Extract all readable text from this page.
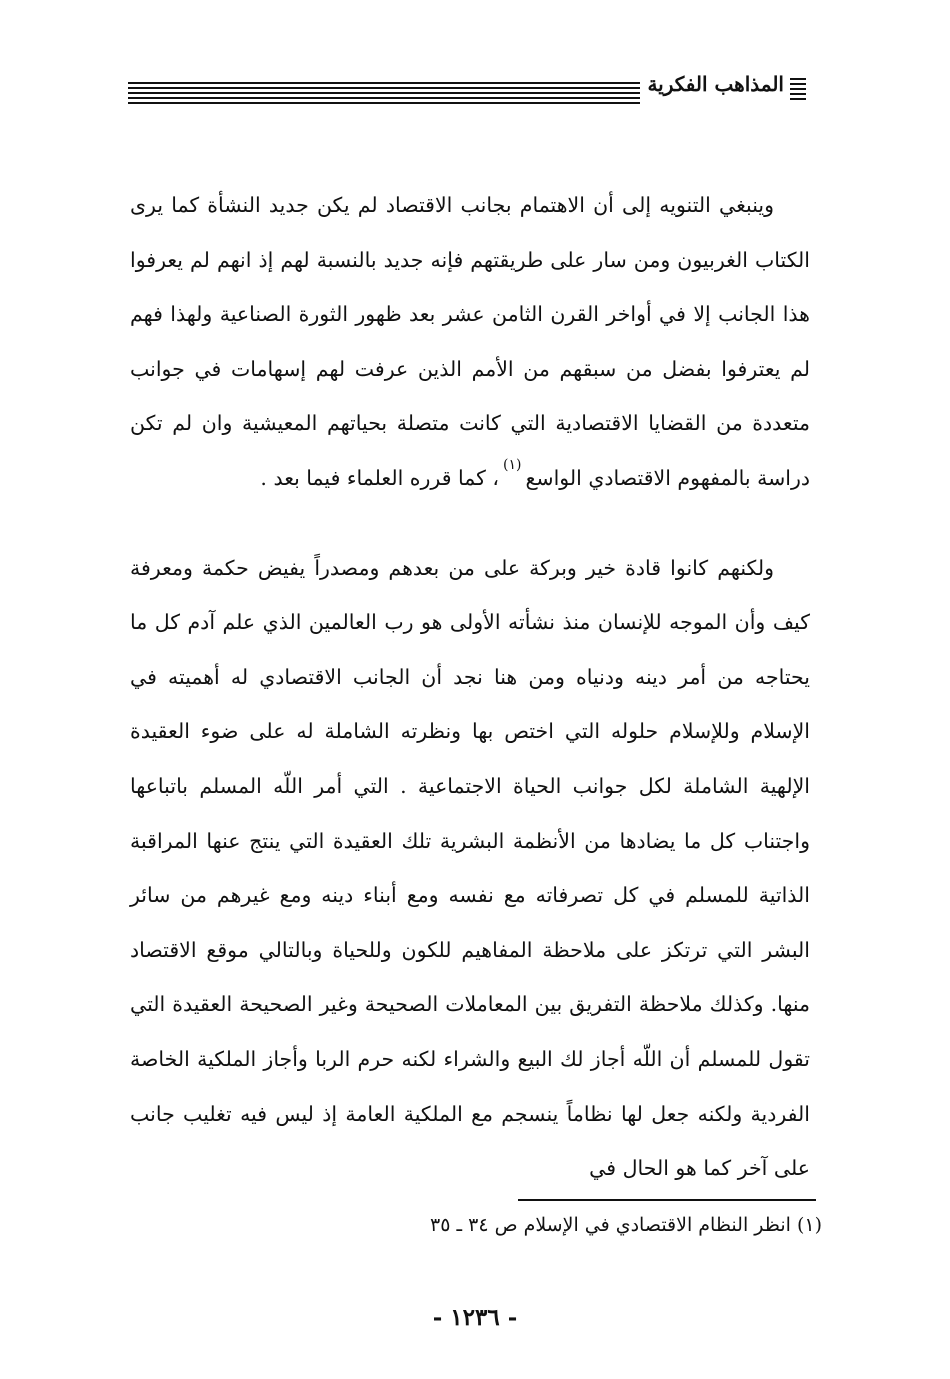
المذاهب الفكرية

وينبغي التنويه إلى أن الاهتمام بجانب الاقتصاد لم يكن جديد النشأة كما يرى الكتاب الغربيون ومن سار على طريقتهم فإنه جديد بالنسبة لهم إذ انهم لم يعرفوا هذا الجانب إلا في أواخر القرن الثامن عشر بعد ظهور الثورة الصناعية ولهذا فهم لم يعترفوا بفضل من سبقهم من الأمم الذين عرفت لهم إسهامات في جوانب متعددة من القضايا الاقتصادية التي كانت متصلة بحياتهم المعيشية وان لم تكن دراسة بالمفهوم الاقتصادي الواسع$^{(١)}$، كما قرره العلماء فيما بعد .

ولكنهم كانوا قادة خير وبركة على من بعدهم ومصدراً يفيض حكمة ومعرفة كيف وأن الموجه للإنسان منذ نشأته الأولى هو رب العالمين الذي علم آدم كل ما يحتاجه من أمر دينه ودنياه ومن هنا نجد أن الجانب الاقتصادي له أهميته في الإسلام وللإسلام حلوله التي اختص بها ونظرته الشاملة له على ضوء العقيدة الإلهية الشاملة لكل جوانب الحياة الاجتماعية . التي أمر اللّه المسلم باتباعها واجتناب كل ما يضادها من الأنظمة البشرية تلك العقيدة التي ينتج عنها المراقبة الذاتية للمسلم في كل تصرفاته مع نفسه ومع أبناء دينه ومع غيرهم من سائر البشر التي ترتكز على ملاحظة المفاهيم للكون وللحياة وبالتالي موقع الاقتصاد منها. وكذلك ملاحظة التفريق بين المعاملات الصحيحة وغير الصحيحة العقيدة التي تقول للمسلم أن اللّه أجاز لك البيع والشراء لكنه حرم الربا وأجاز الملكية الخاصة الفردية ولكنه جعل لها نظاماً ينسجم مع الملكية العامة إذ ليس فيه تغليب جانب على آخر كما هو الحال في

(١) انظر النظام الاقتصادي في الإسلام ص ٣٤ ـ ٣٥
- ١٢٣٦ -
